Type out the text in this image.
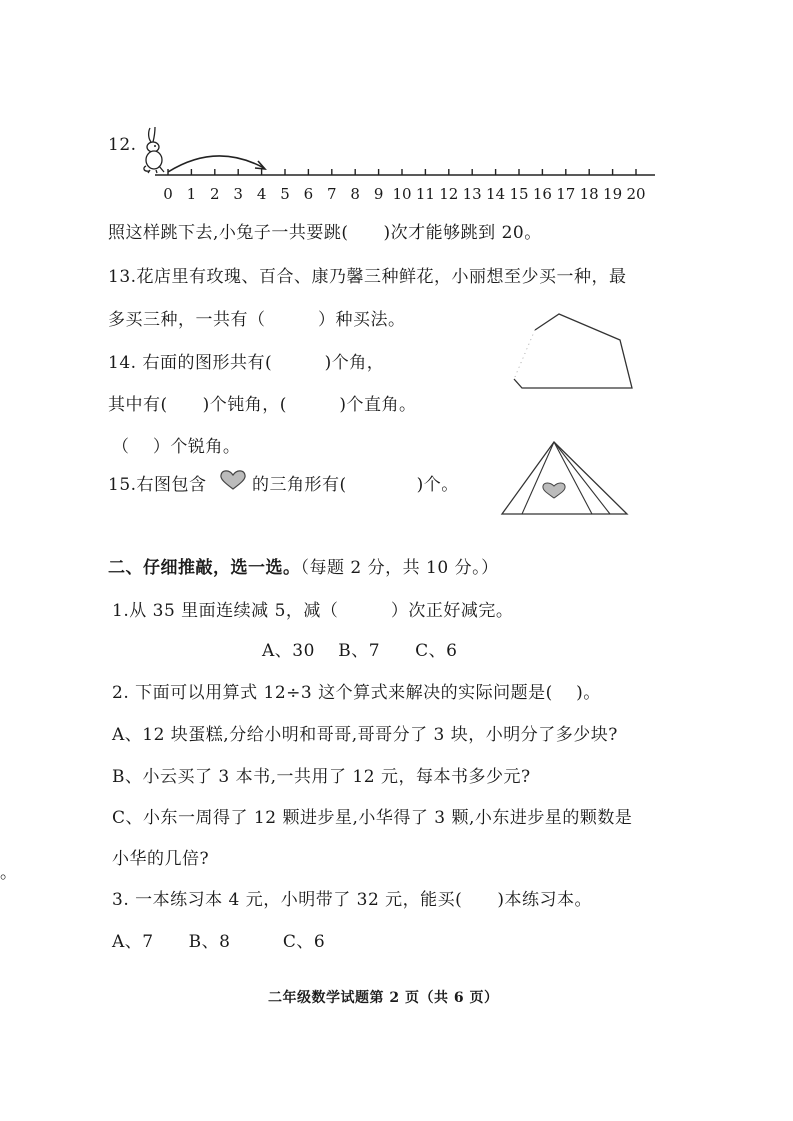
12.
0 1 2 3 4 5 6 7 8 9 10 11 12 13 14 15 16 17 18 19 20
照这样跳下去,小兔子一共要跳(　　)次才能够跳到 20。
13.花店里有玫瑰、百合、康乃馨三种鲜花，小丽想至少买一种，最
多买三种，一共有（　　　）种买法。
14. 右面的图形共有(　　　)个角，
其中有(　　)个钝角，(　　　)个直角。
（　 ）个锐角。
15.右图包含	的三角形有(　　　　)个。
二、仔细推敲，选一选。（每题 2 分，共 10 分。）
1.从 35 里面连续减 5，减（　　　）次正好减完。
A、30　 B、7　　C、6
2. 下面可以用算式 12÷3 这个算式来解决的实际问题是(　 )。
A、12 块蛋糕,分给小明和哥哥,哥哥分了 3 块，小明分了多少块?
B、小云买了 3 本书,一共用了 12 元，每本书多少元?
C、小东一周得了 12 颗进步星,小华得了 3 颗,小东进步星的颗数是
小华的几倍?
。
3. 一本练习本 4 元，小明带了 32 元，能买(　　)本练习本。
A、7　　B、8　　　C、6
二年级数学试题第 2 页（共 6 页）
